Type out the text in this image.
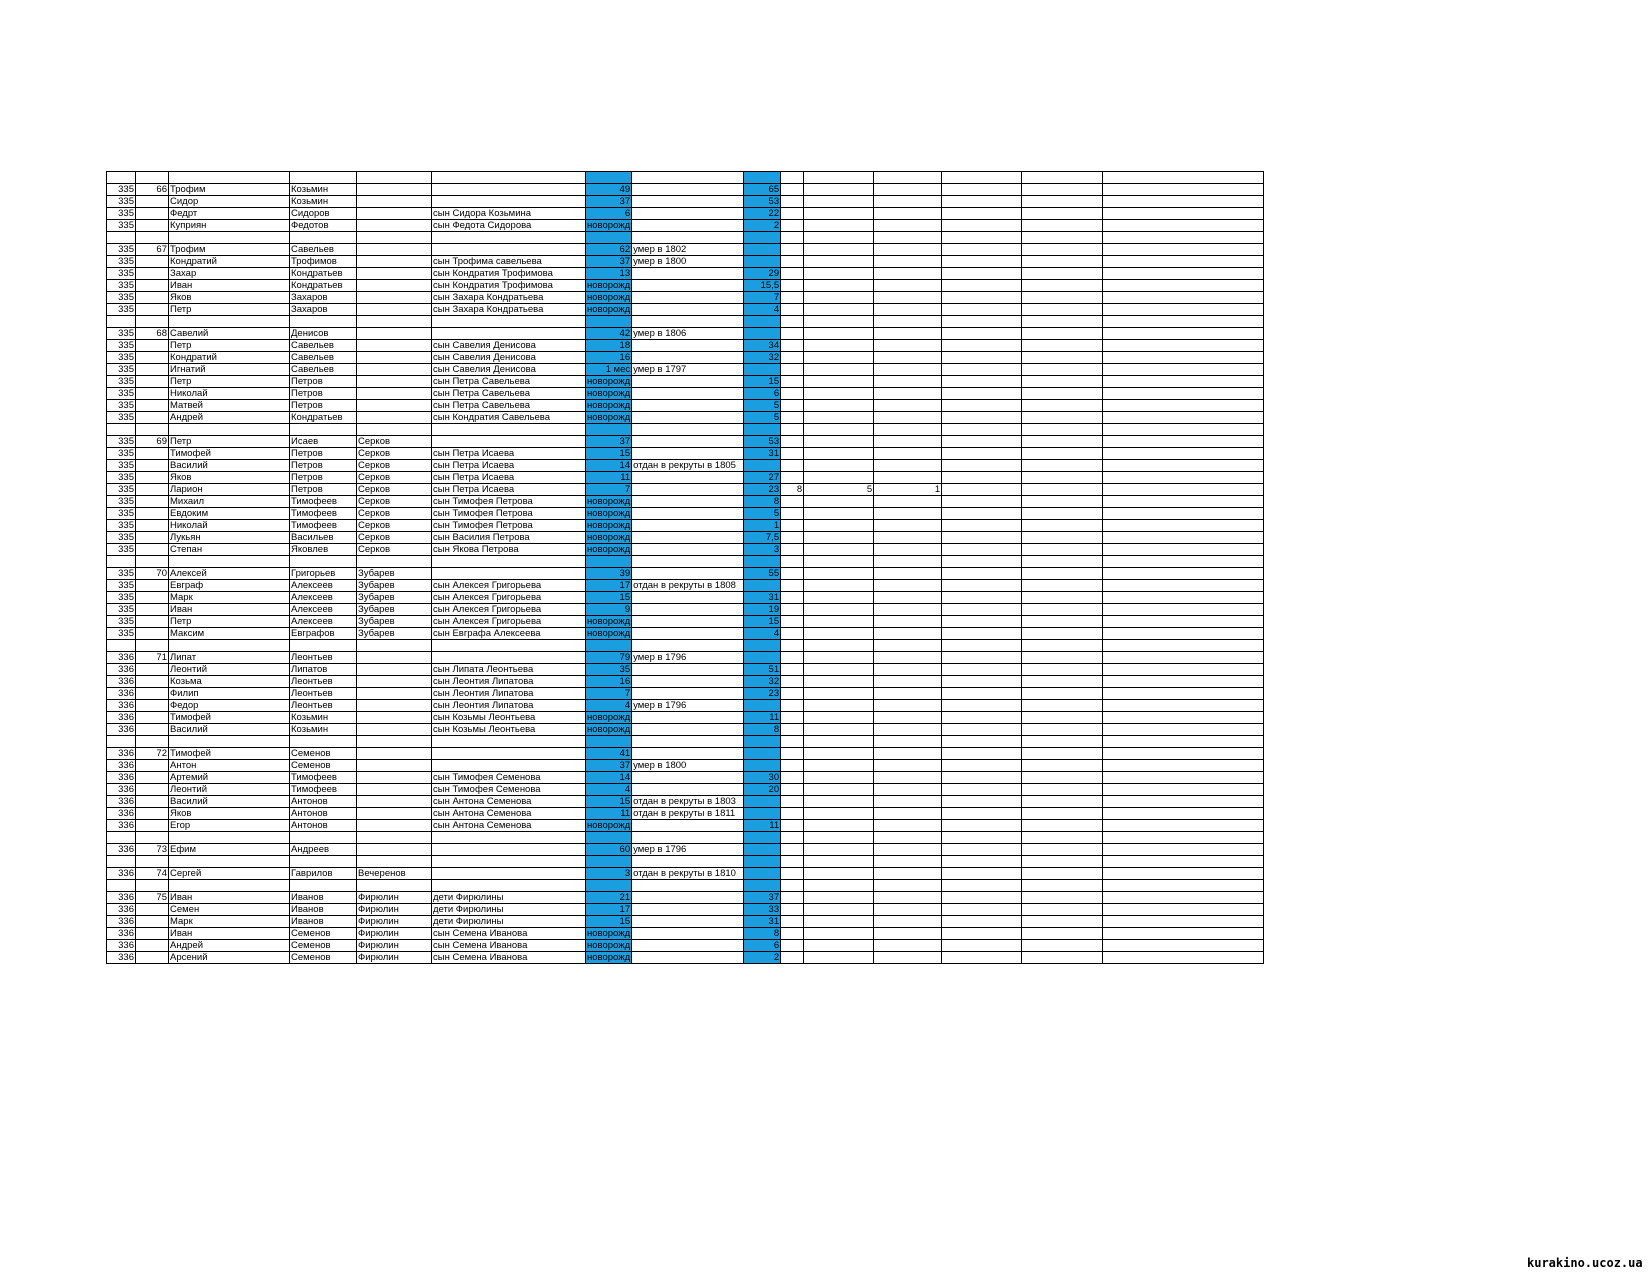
335	66	Трофим	Козьмин			49		65						
335		Сидор	Козьмин			37		53						
335		Федрт	Сидоров		сын Сидора Козьмина	6		22						
335		Куприян	Федотов		сын Федота Сидорова	новорожд		2						

335	67	Трофим	Савельев			62	умер в 1802							
335		Кондратий	Трофимов		сын Трофима савельева	37	умер в 1800							
335		Захар	Кондратьев		сын Кондратия Трофимова	13		29						
335		Иван	Кондратьев		сын Кондратия Трофимова	новорожд		15,5						
335		Яков	Захаров		сын Захара Кондратьева	новорожд		7						
335		Петр	Захаров		сын Захара Кондратьева	новорожд		4						

335	68	Савелий	Денисов			42	умер в 1806							
335		Петр	Савельев		сын Савелия Денисова	18		34						
335		Кондратий	Савельев		сын Савелия Денисова	16		32						
335		Игнатий	Савельев		сын Савелия Денисова	1 мес	умер в 1797							
335		Петр	Петров		сын Петра Савельева	новорожд		15						
335		Николай	Петров		сын Петра Савельева	новорожд		6						
335		Матвей	Петров		сын Петра Савельева	новорожд		5						
335		Андрей	Кондратьев		сын Кондратия Савельева	новорожд		5						

335	69	Петр	Исаев	Серков		37		53						
335		Тимофей	Петров	Серков	сын Петра Исаева	15		31						
335		Василий	Петров	Серков	сын Петра Исаева	14	отдан в рекруты в 1805							
335		Яков	Петров	Серков	сын Петра Исаева	11		27						
335		Ларион	Петров	Серков	сын Петра Исаева	7		23	8	5	1			
335		Михаил	Тимофеев	Серков	сын Тимофея Петрова	новорожд		8						
335		Евдоким	Тимофеев	Серков	сын Тимофея Петрова	новорожд		5						
335		Николай	Тимофеев	Серков	сын Тимофея Петрова	новорожд		1						
335		Лукьян	Васильев	Серков	сын Василия Петрова	новорожд		7,5						
335		Степан	Яковлев	Серков	сын Якова Петрова	новорожд		3						

335	70	Алексей	Григорьев	Зубарев		39		55						
335		Евграф	Алексеев	Зубарев	сын Алексея Григорьева	17	отдан в рекруты в 1808							
335		Марк	Алексеев	Зубарев	сын Алексея Григорьева	15		31						
335		Иван	Алексеев	Зубарев	сын Алексея Григорьева	9		19						
335		Петр	Алексеев	Зубарев	сын Алексея Григорьева	новорожд		15						
335		Максим	Евграфов	Зубарев	сын Евграфа Алексеева	новорожд		4						

336	71	Липат	Леонтьев			79	умер в 1796							
336		Леонтий	Липатов		сын Липата Леонтьева	35		51						
336		Козьма	Леонтьев		сын Леонтия Липатова	16		32						
336		Филип	Леонтьев		сын Леонтия Липатова	7		23						
336		Федор	Леонтьев		сын Леонтия Липатова	4	умер в 1796							
336		Тимофей	Козьмин		сын Козьмы Леонтьева	новорожд		11						
336		Василий	Козьмин		сын Козьмы Леонтьева	новорожд		8						

336	72	Тимофей	Семенов			41								
336		Антон	Семенов			37	умер в 1800							
336		Артемий	Тимофеев		сын Тимофея Семенова	14		30						
336		Леонтий	Тимофеев		сын Тимофея Семенова	4		20						
336		Василий	Антонов		сын Антона Семенова	15	отдан в рекруты в 1803							
336		Яков	Антонов		сын Антона Семенова	11	отдан в рекруты в 1811							
336		Егор	Антонов		сын Антона Семенова	новорожд		11						

336	73	Ефим	Андреев			60	умер в 1796							

336	74	Сергей	Гаврилов	Вечеренов		3	отдан в рекруты в 1810							

336	75	Иван	Иванов	Фирюлин	дети Фирюлины	21		37						
336		Семен	Иванов	Фирюлин	дети Фирюлины	17		33						
336		Марк	Иванов	Фирюлин	дети Фирюлины	15		31						
336		Иван	Семенов	Фирюлин	сын Семена Иванова	новорожд		8						
336		Андрей	Семенов	Фирюлин	сын Семена Иванова	новорожд		6						
336		Арсений	Семенов	Фирюлин	сын Семена Иванова	новорожд		2						
kurakino.ucoz.ua
